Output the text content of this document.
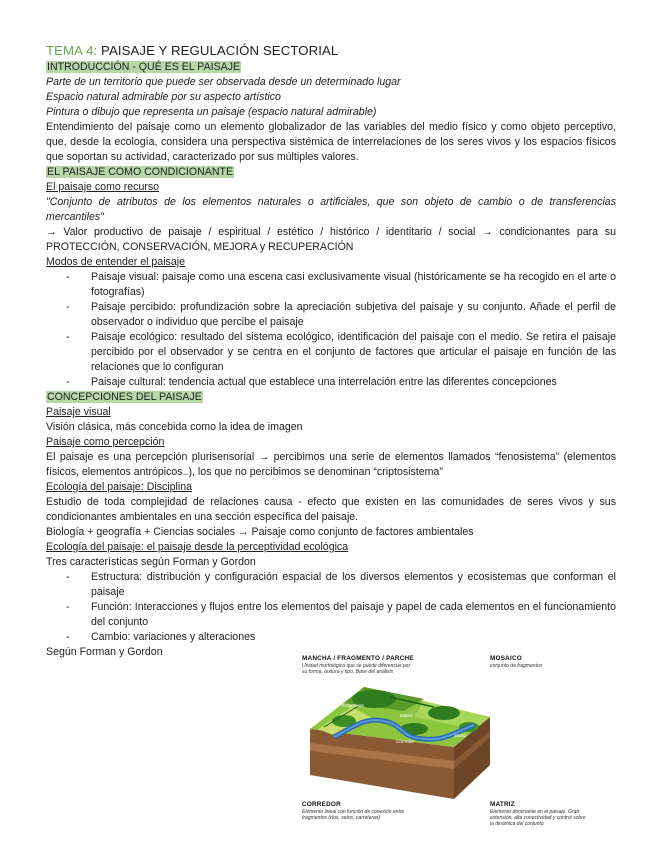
TEMA 4: PAISAJE Y REGULACIÓN SECTORIAL
INTRODUCCIÓN - QUÉ ES EL PAISAJE

Parte de un territorio que puede ser observada desde un determinado lugar

Espacio natural admirable por su aspecto artístico

Pintura o dibujo que representa un paisaje (espacio natural admirable)

Entendimiento del paisaje como un elemento globalizador de las variables del medio físico y como objeto perceptivo, que, desde la ecología, considera una perspectiva sistémica de interrelaciones de los seres vivos y los espacios físicos que soportan su actividad, caracterizado por sus múltiples valores.

EL PAISAJE COMO CONDICIONANTE

El paisaje como recurso

"Conjunto de atributos de los elementos naturales o artificiales, que son objeto de cambio o de transferencias mercantiles"

→ Valor productivo de paisaje / espiritual / estético / histórico / identitario / social → condicionantes para su PROTECCIÓN, CONSERVACIÓN, MEJORA y RECUPERACIÓN

Modos de entender el paisaje

- Paisaje visual: paisaje como una escena casi exclusivamente visual (históricamente se ha recogido en el arte o fotografías)
- Paisaje percibido: profundización sobre la apreciación subjetiva del paisaje y su conjunto. Añade el perfil de observador o individuo que percibe el paisaje
- Paisaje ecológico: resultado del sistema ecológico, identificación del paisaje con el medio. Se retira el paisaje percibido por el observador y se centra en el conjunto de factores que articular el paisaje en función de las relaciones que lo configuran
- Paisaje cultural: tendencia actual que establece una interrelación entre las diferentes concepciones
CONCEPCIONES DEL PAISAJE

Paisaje visual

Visión clásica, más concebida como la idea de imagen

Paisaje como percepción

El paisaje es una percepción plurisensorial → percibimos una serie de elementos llamados “fenosistema” (elementos físicos, elementos antrópicos..), los que no percibimos se denominan “criptosistema”

Ecología del paisaje: Disciplina

Estudio de toda complejidad de relaciones causa - efecto que existen en las comunidades de seres vivos y sus condicionantes ambientales en una sección específica del paisaje.

Biología + geografía + Ciencias sociales → Paisaje como conjunto de factores ambientales

Ecología del paisaje: el paisaje desde la perceptividad ecológica

Tres características según Forman y Gordon

- Estructura: distribución y configuración espacial de los diversos elementos y ecosistemas que conforman el paisaje
- Función: Interacciones y flujos entre los elementos del paisaje y papel de cada elementos en el funcionamiento del conjunto
- Cambio: variaciones y alteraciones

Según Forman y Gordon

MANCHA / FRAGMENTO / PARCHE
Unidad morfológica que se puede diferenciar por su forma, textura y tipo. Base del análisis
MOSAICO
conjunto de fragmentos
Fragmento
Matriz
Corredor
Matriz
CORREDOR
Elemento lineal con función de conexión entre fragmentos (ríos, setos, carreteras)
MATRIZ
Elemento dominante en el paisaje. Gran extensión, alta conectividad y control sobre la dinámica del conjunto
